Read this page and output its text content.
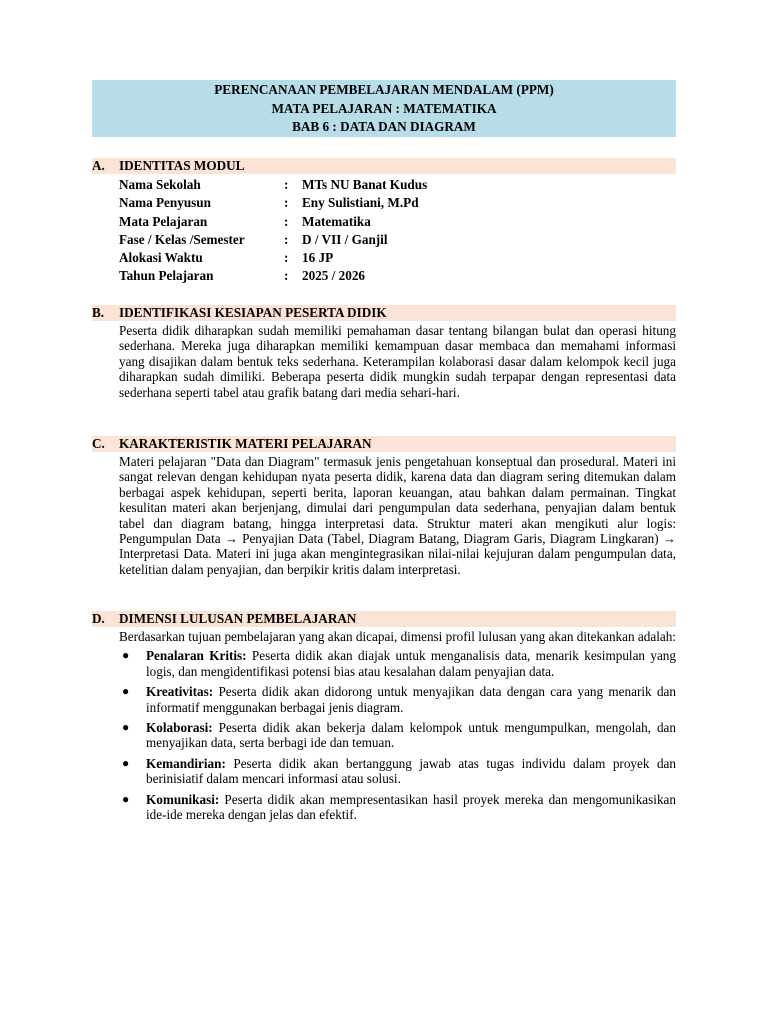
PERENCANAAN PEMBELAJARAN MENDALAM (PPM)
MATA PELAJARAN : MATEMATIKA
BAB 6 : DATA DAN DIAGRAM
A. IDENTITAS MODUL
Nama Sekolah	: MTs NU Banat Kudus
Nama Penyusun	: Eny Sulistiani, M.Pd
Mata Pelajaran	: Matematika
Fase / Kelas /Semester	: D / VII / Ganjil
Alokasi Waktu	: 16 JP
Tahun Pelajaran	: 2025 / 2026
B. IDENTIFIKASI KESIAPAN PESERTA DIDIK
Peserta didik diharapkan sudah memiliki pemahaman dasar tentang bilangan bulat dan operasi hitung sederhana. Mereka juga diharapkan memiliki kemampuan dasar membaca dan memahami informasi yang disajikan dalam bentuk teks sederhana. Keterampilan kolaborasi dasar dalam kelompok kecil juga diharapkan sudah dimiliki. Beberapa peserta didik mungkin sudah terpapar dengan representasi data sederhana seperti tabel atau grafik batang dari media sehari-hari.
C. KARAKTERISTIK MATERI PELAJARAN
Materi pelajaran "Data dan Diagram" termasuk jenis pengetahuan konseptual dan prosedural. Materi ini sangat relevan dengan kehidupan nyata peserta didik, karena data dan diagram sering ditemukan dalam berbagai aspek kehidupan, seperti berita, laporan keuangan, atau bahkan dalam permainan. Tingkat kesulitan materi akan berjenjang, dimulai dari pengumpulan data sederhana, penyajian dalam bentuk tabel dan diagram batang, hingga interpretasi data. Struktur materi akan mengikuti alur logis: Pengumpulan Data → Penyajian Data (Tabel, Diagram Batang, Diagram Garis, Diagram Lingkaran) → Interpretasi Data. Materi ini juga akan mengintegrasikan nilai-nilai kejujuran dalam pengumpulan data, ketelitian dalam penyajian, dan berpikir kritis dalam interpretasi.
D. DIMENSI LULUSAN PEMBELAJARAN
Berdasarkan tujuan pembelajaran yang akan dicapai, dimensi profil lulusan yang akan ditekankan adalah:
● Penalaran Kritis: Peserta didik akan diajak untuk menganalisis data, menarik kesimpulan yang logis, dan mengidentifikasi potensi bias atau kesalahan dalam penyajian data.
● Kreativitas: Peserta didik akan didorong untuk menyajikan data dengan cara yang menarik dan informatif menggunakan berbagai jenis diagram.
● Kolaborasi: Peserta didik akan bekerja dalam kelompok untuk mengumpulkan, mengolah, dan menyajikan data, serta berbagi ide dan temuan.
● Kemandirian: Peserta didik akan bertanggung jawab atas tugas individu dalam proyek dan berinisiatif dalam mencari informasi atau solusi.
● Komunikasi: Peserta didik akan mempresentasikan hasil proyek mereka dan mengomunikasikan ide-ide mereka dengan jelas dan efektif.
